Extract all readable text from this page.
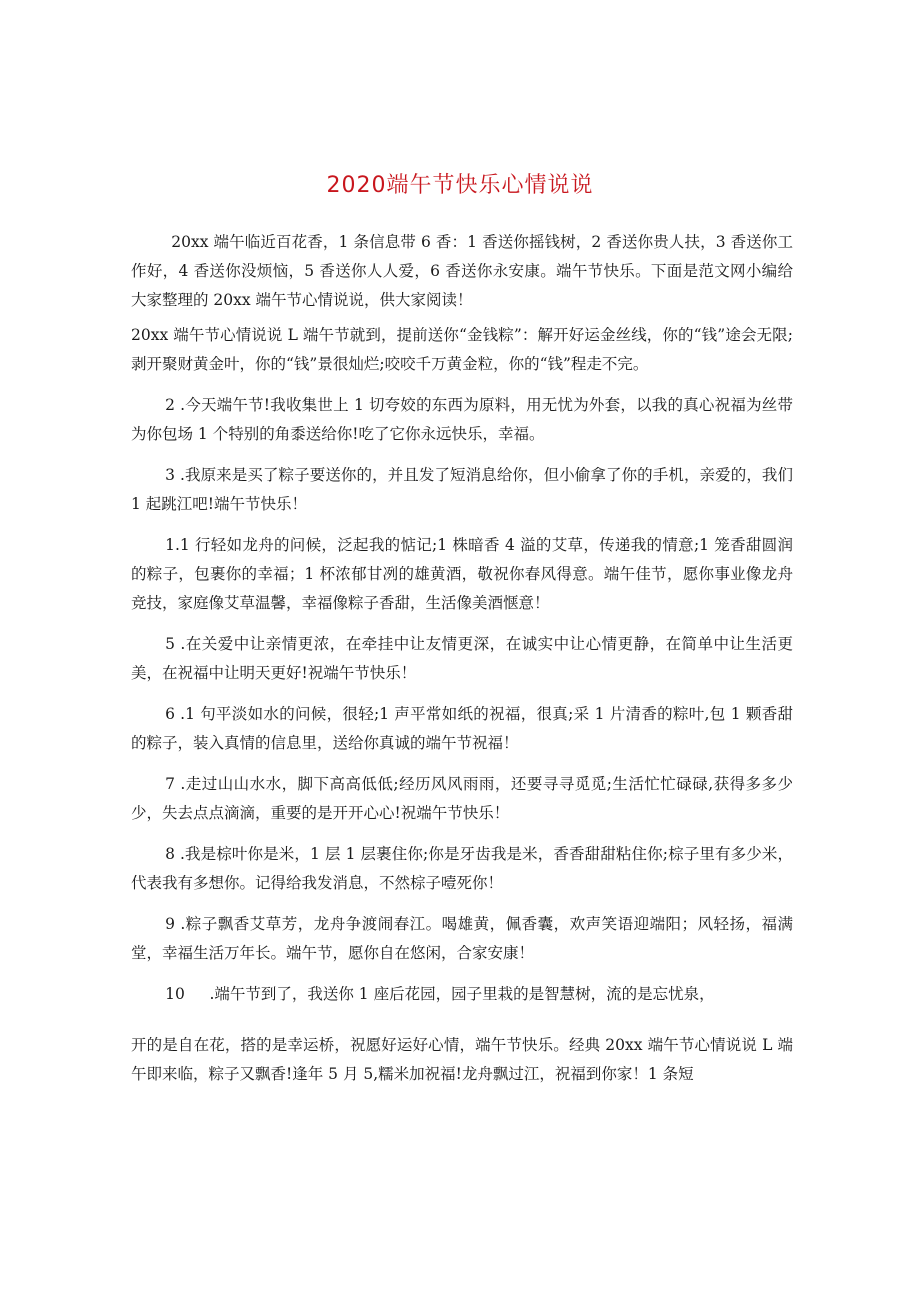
2020端午节快乐心情说说

20xx 端午临近百花香，1 条信息带 6 香：1 香送你摇钱树，2 香送你贵人扶，3 香送你工作好，4 香送你没烦恼，5 香送你人人爱，6 香送你永安康。端午节快乐。下面是范文网小编给大家整理的 20xx 端午节心情说说，供大家阅读！

20xx 端午节心情说说 L 端午节就到，提前送你“金钱粽”：解开好运金丝线，你的“钱”途会无限;剥开聚财黄金叶，你的“钱”景很灿烂;咬咬千万黄金粒，你的“钱”程走不完。

2 .今天端午节!我收集世上 1 切夸姣的东西为原料，用无忧为外套，以我的真心祝福为丝带为你包场 1 个特别的角黍送给你!吃了它你永远快乐，幸福。

3 .我原来是买了粽子要送你的，并且发了短消息给你，但小偷拿了你的手机，亲爱的，我们 1 起跳江吧!端午节快乐！

1.1 行轻如龙舟的问候，泛起我的惦记;1 株暗香 4 溢的艾草，传递我的情意;1 笼香甜圆润的粽子，包裹你的幸福；1 杯浓郁甘冽的雄黄酒，敬祝你春风得意。端午佳节，愿你事业像龙舟竞技，家庭像艾草温馨，幸福像粽子香甜，生活像美酒惬意！

5 .在关爱中让亲情更浓，在牵挂中让友情更深，在诚实中让心情更静，在简单中让生活更美，在祝福中让明天更好!祝端午节快乐！

6 .1 句平淡如水的问候，很轻;1 声平常如纸的祝福，很真;采 1 片清香的粽叶,包 1 颗香甜的粽子，装入真情的信息里，送给你真诚的端午节祝福！

7 .走过山山水水，脚下高高低低;经历风风雨雨，还要寻寻觅觅;生活忙忙碌碌,获得多多少少，失去点点滴滴，重要的是开开心心!祝端午节快乐！

8 .我是棕叶你是米，1 层 1 层裹住你;你是牙齿我是米，香香甜甜粘住你;棕子里有多少米，代表我有多想你。记得给我发消息，不然棕子噎死你！

9 .粽子飘香艾草芳，龙舟争渡闹春江。喝雄黄，佩香囊，欢声笑语迎端阳；风轻扬，福满堂，幸福生活万年长。端午节，愿你自在悠闲，合家安康！

10     .端午节到了，我送你 1 座后花园，园子里栽的是智慧树，流的是忘忧泉，

开的是自在花，搭的是幸运桥，祝愿好运好心情，端午节快乐。经典 20xx 端午节心情说说 L 端午即来临，粽子又飘香!逢年 5 月 5,糯米加祝福!龙舟飘过江，祝福到你家！1 条短
